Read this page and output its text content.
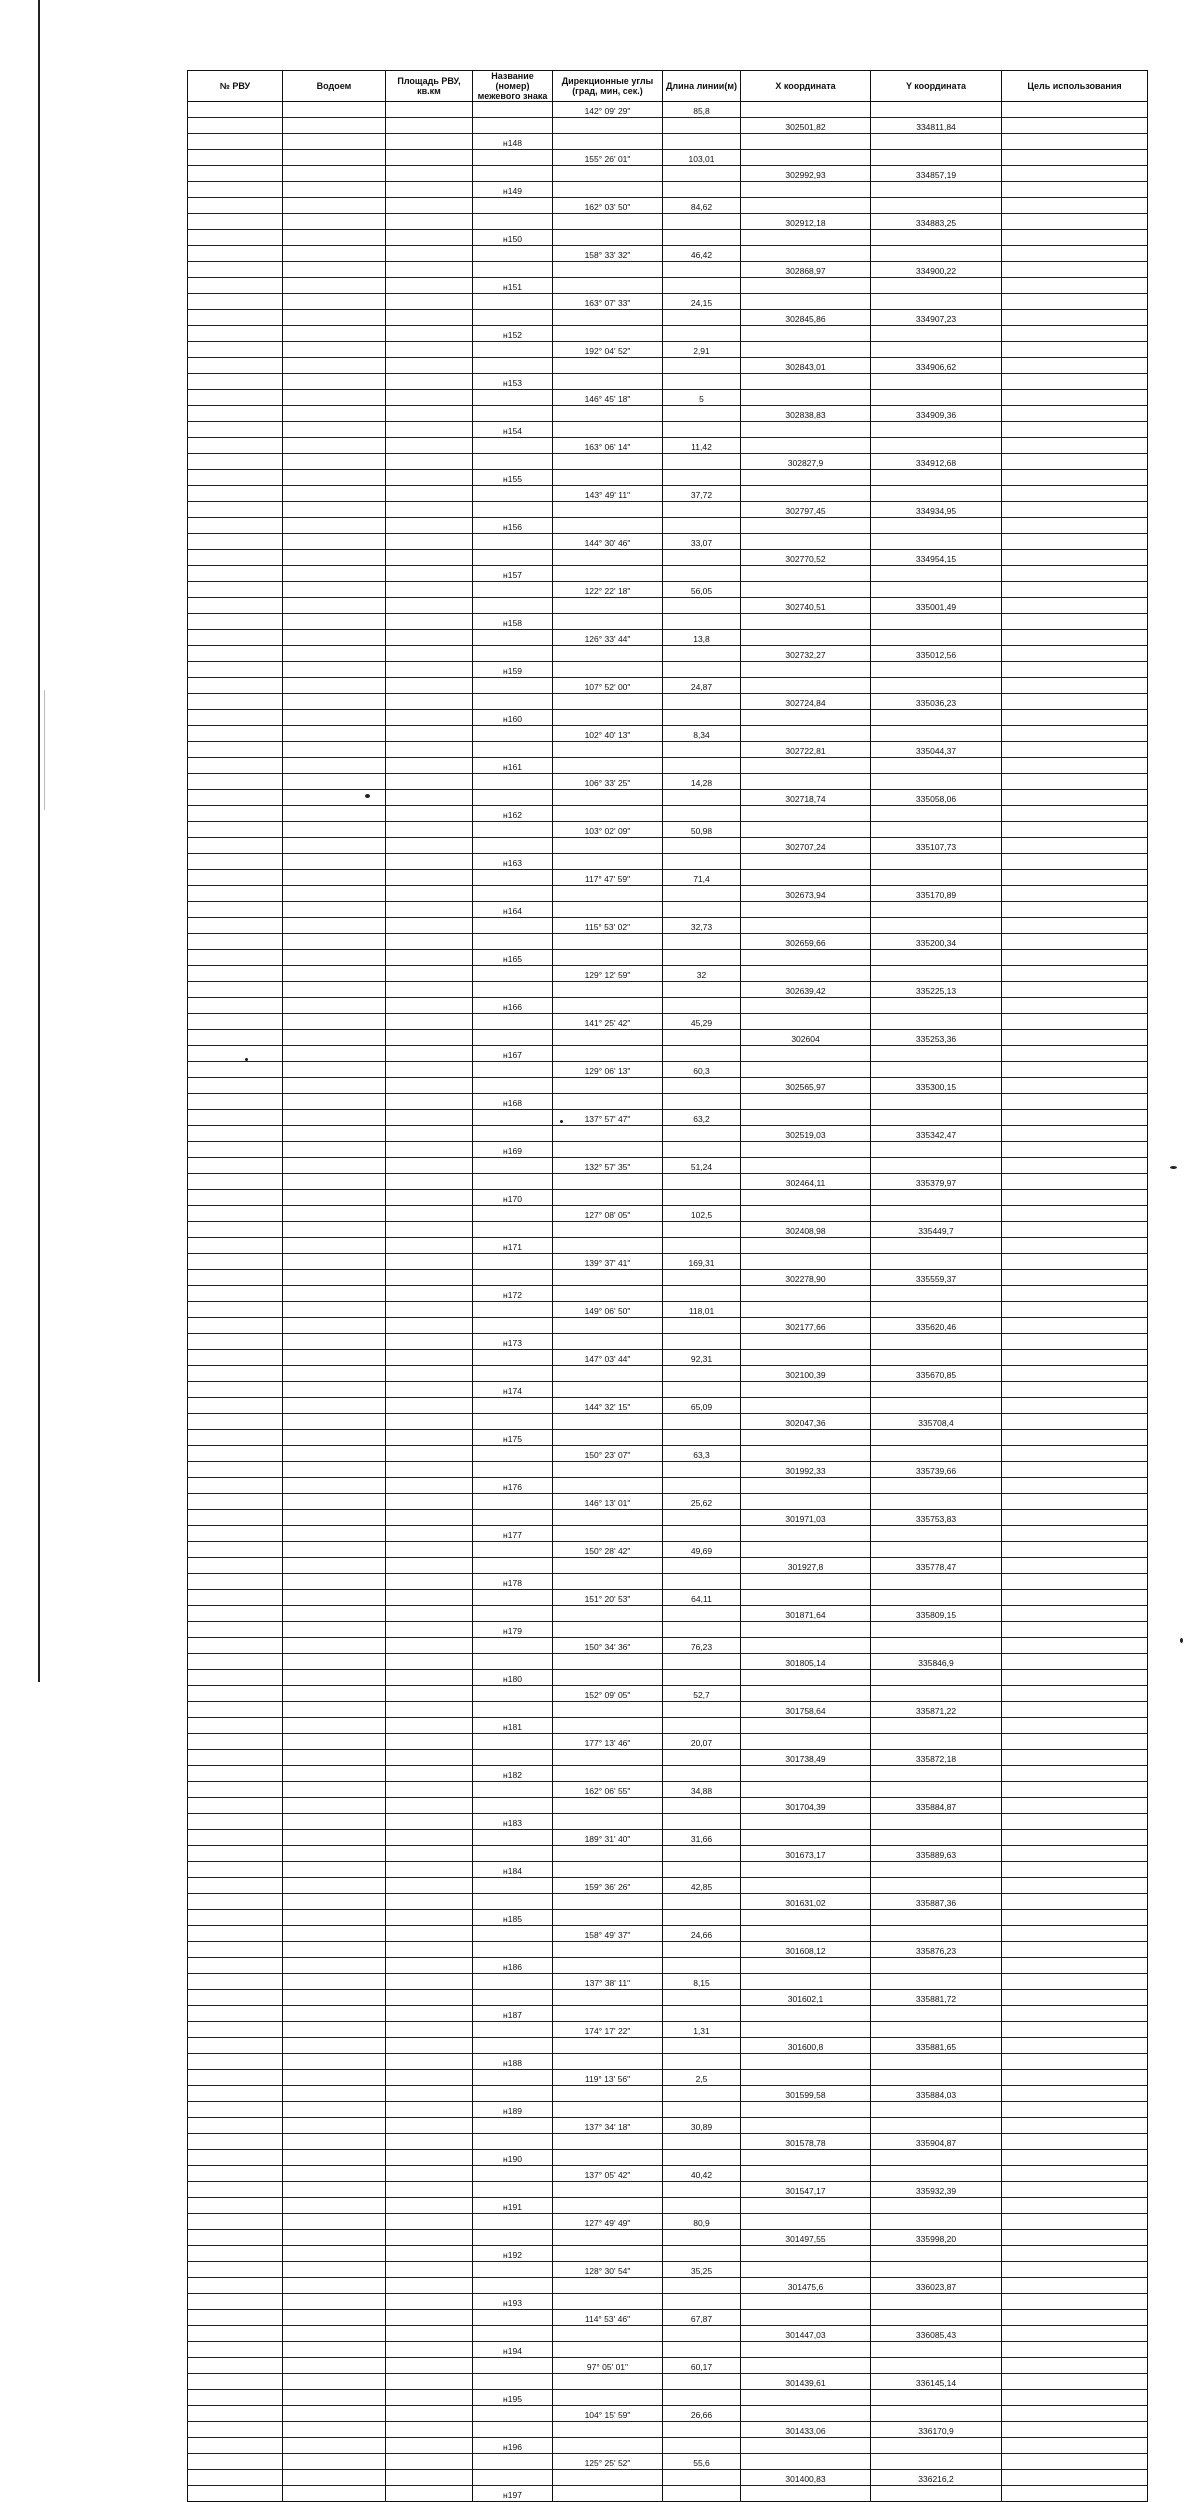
№ РВУ	Водоем	Площадь РВУ, кв.км	Название (номер) межевого знака	Дирекционные углы (град, мин, сек.)	Длина линии(м)	X координата	Y координата	Цель использования
				142° 09' 29"	85,8			
						302501,82	334811,84	
			н148					
				155° 26' 01"	103,01			
						302992,93	334857,19	
			н149					
				162° 03' 50"	84,62			
						302912,18	334883,25	
			н150					
				158° 33' 32"	46,42			
						302868,97	334900,22	
			н151					
				163° 07' 33"	24,15			
						302845,86	334907,23	
			н152					
				192° 04' 52"	2,91			
						302843,01	334906,62	
			н153					
				146° 45' 18"	5			
						302838,83	334909,36	
			н154					
				163° 06' 14"	11,42			
						302827,9	334912,68	
			н155					
				143° 49' 11"	37,72			
						302797,45	334934,95	
			н156					
				144° 30' 46"	33,07			
						302770,52	334954,15	
			н157					
				122° 22' 18"	56,05			
						302740,51	335001,49	
			н158					
				126° 33' 44"	13,8			
						302732,27	335012,56	
			н159					
				107° 52' 00"	24,87			
						302724,84	335036,23	
			н160					
				102° 40' 13"	8,34			
						302722,81	335044,37	
			н161					
				106° 33' 25"	14,28			
						302718,74	335058,06	
			н162					
				103° 02' 09"	50,98			
						302707,24	335107,73	
			н163					
				117° 47' 59"	71,4			
						302673,94	335170,89	
			н164					
				115° 53' 02"	32,73			
						302659,66	335200,34	
			н165					
				129° 12' 59"	32			
						302639,42	335225,13	
			н166					
				141° 25' 42"	45,29			
						302604	335253,36	
			н167					
				129° 06' 13"	60,3			
						302565,97	335300,15	
			н168					
				137° 57' 47"	63,2			
						302519,03	335342,47	
			н169					
				132° 57' 35"	51,24			
						302464,11	335379,97	
			н170					
				127° 08' 05"	102,5			
						302408,98	335449,7	
			н171					
				139° 37' 41"	169,31			
						302278,90	335559,37	
			н172					
				149° 06' 50"	118,01			
						302177,66	335620,46	
			н173					
				147° 03' 44"	92,31			
						302100,39	335670,85	
			н174					
				144° 32' 15"	65,09			
						302047,36	335708,4	
			н175					
				150° 23' 07"	63,3			
						301992,33	335739,66	
			н176					
				146° 13' 01"	25,62			
						301971,03	335753,83	
			н177					
				150° 28' 42"	49,69			
						301927,8	335778,47	
			н178					
				151° 20' 53"	64,11			
						301871,64	335809,15	
			н179					
				150° 34' 36"	76,23			
						301805,14	335846,9	
			н180					
				152° 09' 05"	52,7			
						301758,64	335871,22	
			н181					
				177° 13' 46"	20,07			
						301738,49	335872,18	
			н182					
				162° 06' 55"	34,88			
						301704,39	335884,87	
			н183					
				189° 31' 40"	31,66			
						301673,17	335889,63	
			н184					
				159° 36' 26"	42,85			
						301631,02	335887,36	
			н185					
				158° 49' 37"	24,66			
						301608,12	335876,23	
			н186					
				137° 38' 11"	8,15			
						301602,1	335881,72	
			н187					
				174° 17' 22"	1,31			
						301600,8	335881,65	
			н188					
				119° 13' 56"	2,5			
						301599,58	335884,03	
			н189					
				137° 34' 18"	30,89			
						301578,78	335904,87	
			н190					
				137° 05' 42"	40,42			
						301547,17	335932,39	
			н191					
				127° 49' 49"	80,9			
						301497,55	335998,20	
			н192					
				128° 30' 54"	35,25			
						301475,6	336023,87	
			н193					
				114° 53' 46"	67,87			
						301447,03	336085,43	
			н194					
				97° 05' 01"	60,17			
						301439,61	336145,14	
			н195					
				104° 15' 59"	26,66			
						301433,06	336170,9	
			н196					
				125° 25' 52"	55,6			
						301400,83	336216,2	
			н197					
